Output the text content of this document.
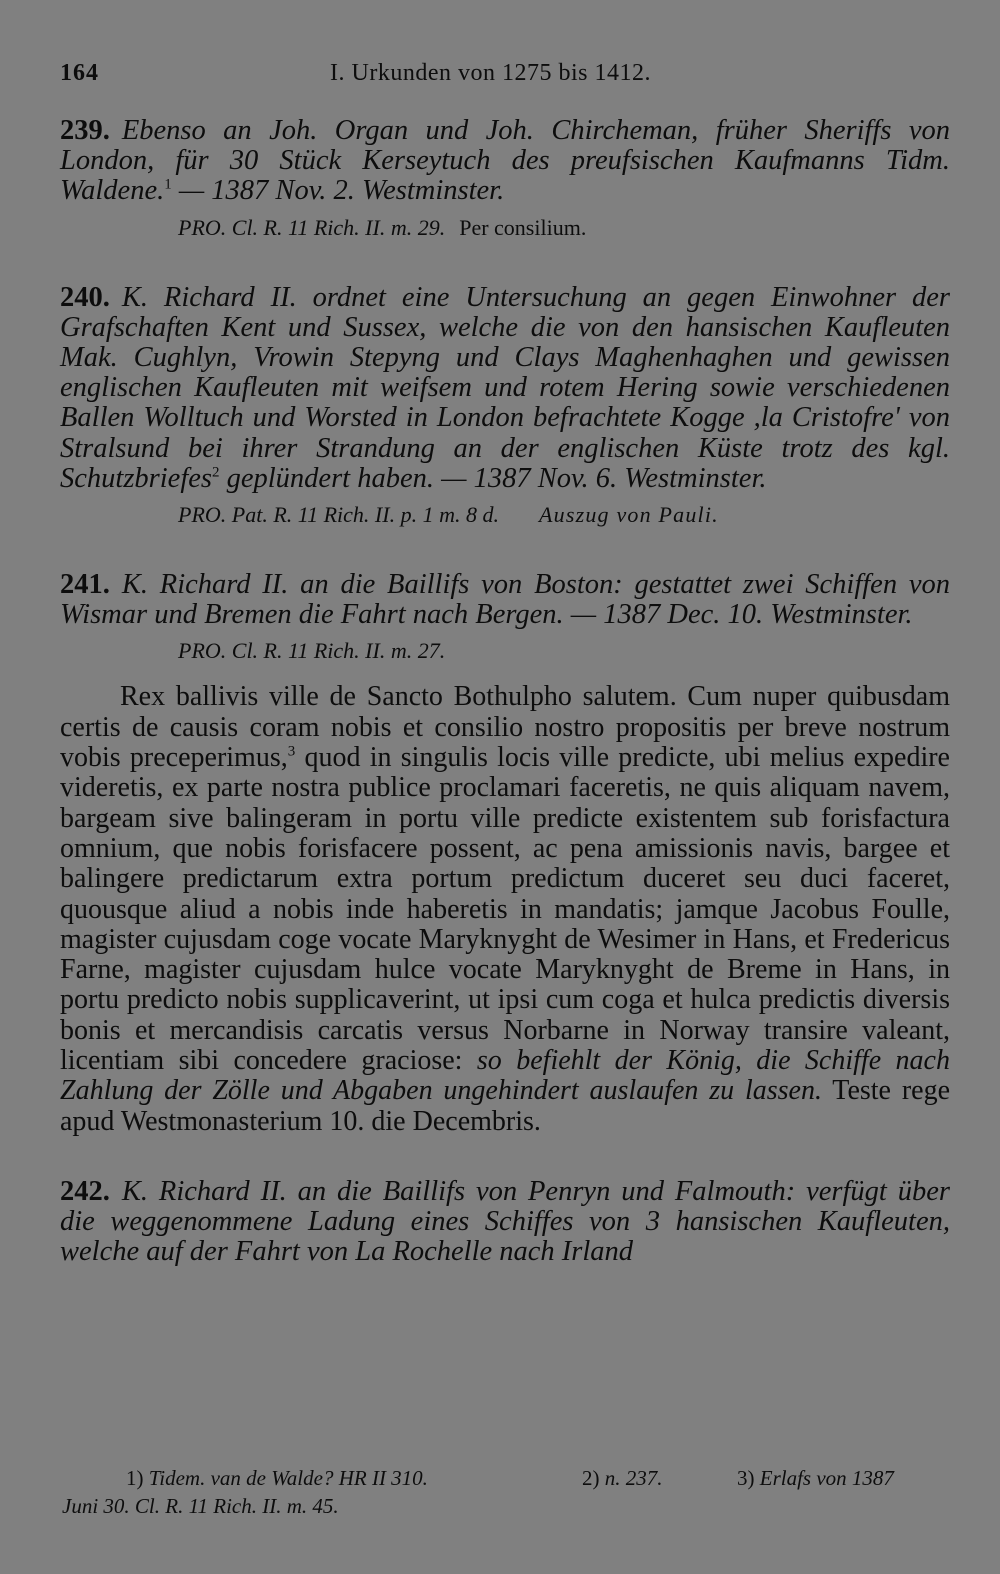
164	I. Urkunden von 1275 bis 1412.
239. Ebenso an Joh. Organ und Joh. Chircheman, früher Sheriffs von London, für 30 Stück Kerseytuch des preufsischen Kaufmanns Tidm. Waldene.$^1$ — 1387 Nov. 2. Westminster.
PRO. Cl. R. 11 Rich. II. m. 29. Per consilium.
240. K. Richard II. ordnet eine Untersuchung an gegen Einwohner der Grafschaften Kent und Sussex, welche die von den hansischen Kaufleuten Mak. Cughlyn, Vrowin Stepyng und Clays Maghenhaghen und gewissen englischen Kaufleuten mit weifsem und rotem Hering sowie verschiedenen Ballen Wolltuch und Worsted in London befrachtete Kogge ,la Cristofre' von Stralsund bei ihrer Strandung an der englischen Küste trotz des kgl. Schutzbriefes$^2$ geplündert haben. — 1387 Nov. 6. Westminster.
PRO. Pat. R. 11 Rich. II. p. 1 m. 8 d. Auszug von Pauli.
241. K. Richard II. an die Baillifs von Boston: gestattet zwei Schiffen von Wismar und Bremen die Fahrt nach Bergen. — 1387 Dec. 10. Westminster.
PRO. Cl. R. 11 Rich. II. m. 27.
Rex ballivis ville de Sancto Bothulpho salutem. Cum nuper quibusdam certis de causis coram nobis et consilio nostro propositis per breve nostrum vobis preceperimus,$^3$ quod in singulis locis ville predicte, ubi melius expedire videretis, ex parte nostra publice proclamari faceretis, ne quis aliquam navem, bargeam sive balingeram in portu ville predicte existentem sub forisfactura omnium, que nobis forisfacere possent, ac pena amissionis navis, bargee et balingere predictarum extra portum predictum duceret seu duci faceret, quousque aliud a nobis inde haberetis in mandatis; jamque Jacobus Foulle, magister cujusdam coge vocate Maryknyght de Wesimer in Hans, et Fredericus Farne, magister cujusdam hulce vocate Maryknyght de Breme in Hans, in portu predicto nobis supplicaverint, ut ipsi cum coga et hulca predictis diversis bonis et mercandisis carcatis versus Norbarne in Norway transire valeant, licentiam sibi concedere graciose: so befiehlt der König, die Schiffe nach Zahlung der Zölle und Abgaben ungehindert auslaufen zu lassen. Teste rege apud Westmonasterium 10. die Decembris.
242. K. Richard II. an die Baillifs von Penryn und Falmouth: verfügt über die weggenommene Ladung eines Schiffes von 3 hansischen Kaufleuten, welche auf der Fahrt von La Rochelle nach Irland
1) Tidem. van de Walde? HR II 310.	2) n. 237.	3) Erlafs von 1387
Juni 30. Cl. R. 11 Rich. II. m. 45.
